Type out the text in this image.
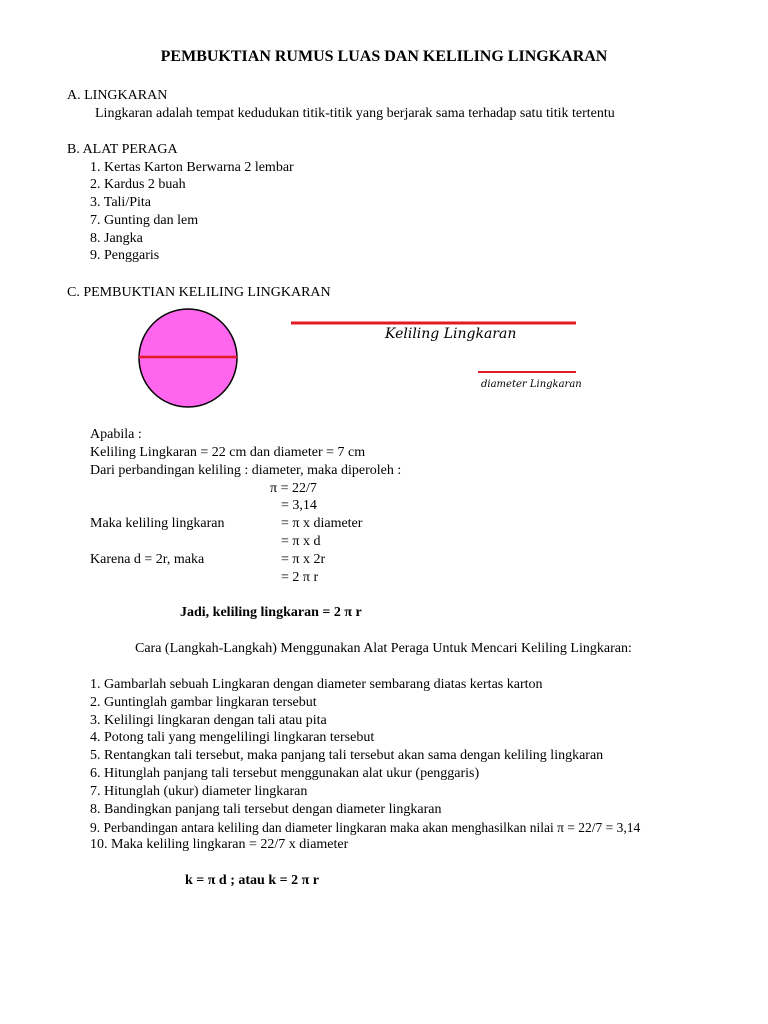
PEMBUKTIAN RUMUS LUAS DAN KELILING LINGKARAN
A. LINGKARAN
Lingkaran adalah tempat kedudukan titik-titik yang berjarak sama terhadap satu titik tertentu
B. ALAT PERAGA
1. Kertas Karton Berwarna 2 lembar
2. Kardus 2 buah
3. Tali/Pita
7. Gunting dan lem
8. Jangka
9. Penggaris
C. PEMBUKTIAN KELILING LINGKARAN
Keliling Lingkaran
diameter Lingkaran
Apabila :
Keliling Lingkaran = 22 cm dan diameter = 7 cm
Dari perbandingan keliling : diameter, maka diperoleh :
π = 22/7
= 3,14
Maka keliling lingkaran	= π x diameter
= π x d
Karena d = 2r, maka	= π x 2r
= 2 π r
Jadi, keliling lingkaran = 2 π r
Cara (Langkah-Langkah) Menggunakan Alat Peraga Untuk Mencari Keliling Lingkaran:
1. Gambarlah sebuah Lingkaran dengan diameter sembarang diatas kertas karton
2. Guntinglah gambar lingkaran tersebut
3. Kelilingi lingkaran dengan tali atau pita
4. Potong tali yang mengelilingi lingkaran tersebut
5. Rentangkan tali tersebut, maka panjang tali tersebut akan sama dengan keliling lingkaran
6. Hitunglah panjang tali tersebut menggunakan alat ukur (penggaris)
7. Hitunglah (ukur) diameter lingkaran
8. Bandingkan panjang tali tersebut dengan diameter lingkaran
9. Perbandingan antara keliling dan diameter lingkaran maka akan menghasilkan nilai π = 22/7 = 3,14
10. Maka keliling lingkaran = 22/7 x diameter
k = π d ; atau k = 2 π r
